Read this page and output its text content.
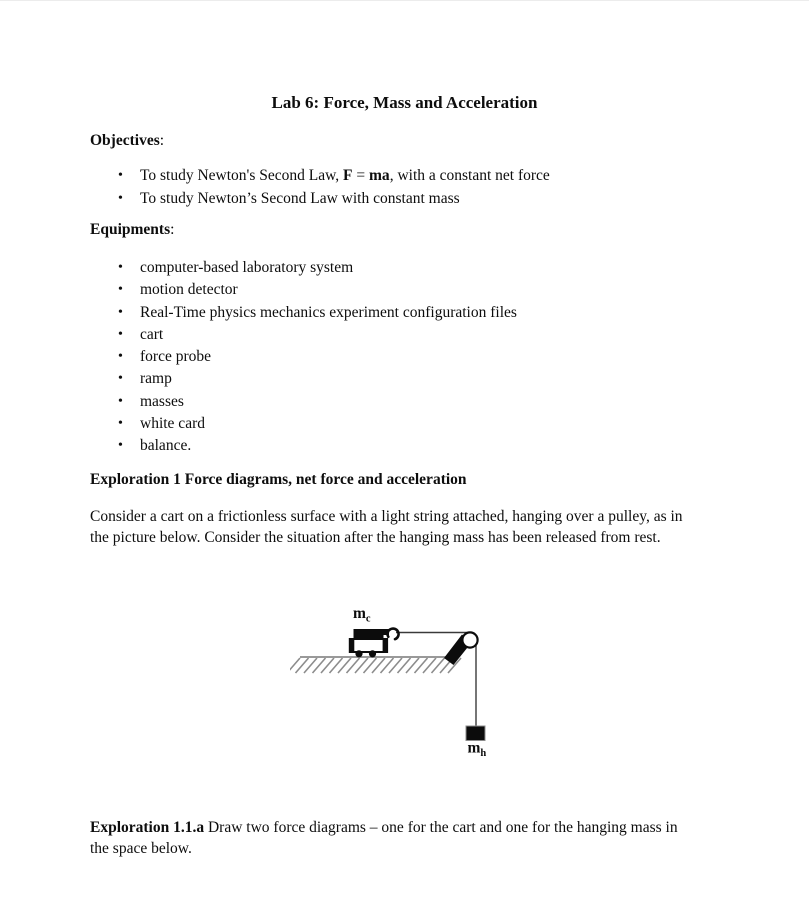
Lab 6: Force, Mass and Acceleration
Objectives:
• To study Newton's Second Law, F = ma, with a constant net force
• To study Newton’s Second Law with constant mass
Equipments:
• computer-based laboratory system
• motion detector
• Real-Time physics mechanics experiment configuration files
• cart
• force probe
• ramp
• masses
• white card
• balance.
Exploration 1 Force diagrams, net force and acceleration
Consider a cart on a frictionless surface with a light string attached, hanging over a pulley, as in
the picture below. Consider the situation after the hanging mass has been released from rest.
$m_c$
$m_h$
Exploration 1.1.a Draw two force diagrams – one for the cart and one for the hanging mass in
the space below.
